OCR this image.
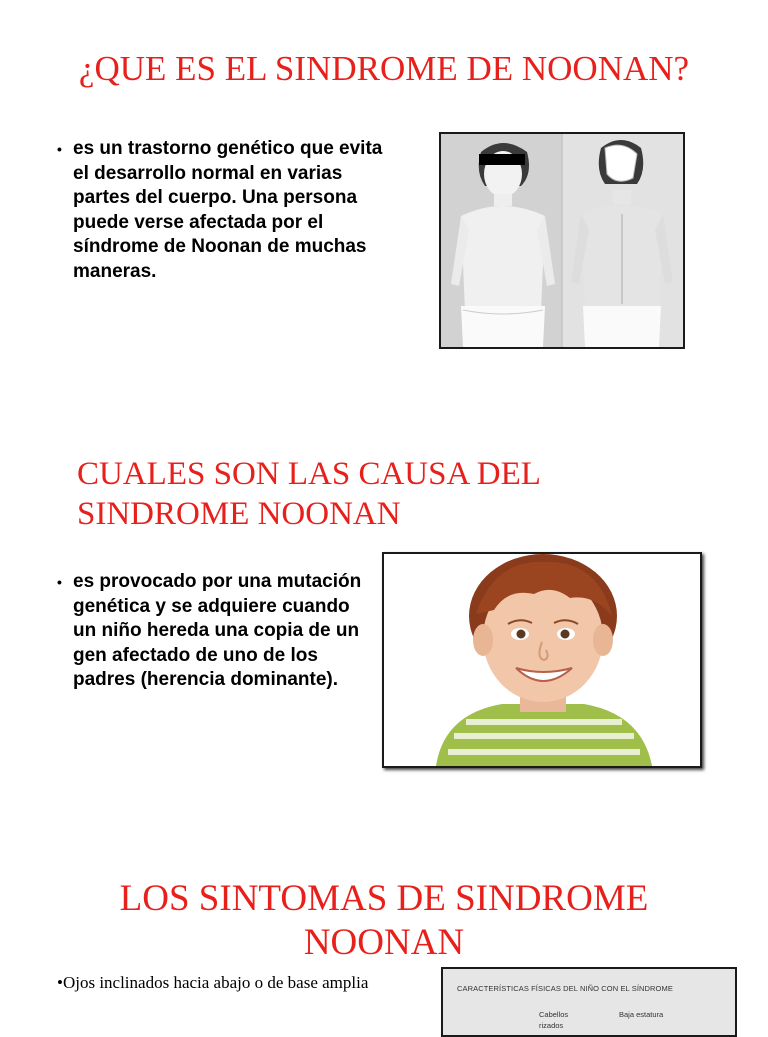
¿QUE ES EL SINDROME DE NOONAN?
• es un trastorno genético que evita el desarrollo normal en varias partes del cuerpo. Una persona puede verse afectada por el síndrome de Noonan de muchas maneras.
CUALES SON LAS CAUSA DEL
SINDROME NOONAN
• es provocado por una mutación genética y se adquiere cuando un niño hereda una copia de un gen afectado de uno de los padres (herencia dominante).
LOS SINTOMAS DE SINDROME
NOONAN
•Ojos inclinados hacia abajo o de base amplia	CARACTERÍSTICAS FÍSICAS DEL NIÑO CON EL SÍNDROME
Cabellos	Baja estatura
rizados
